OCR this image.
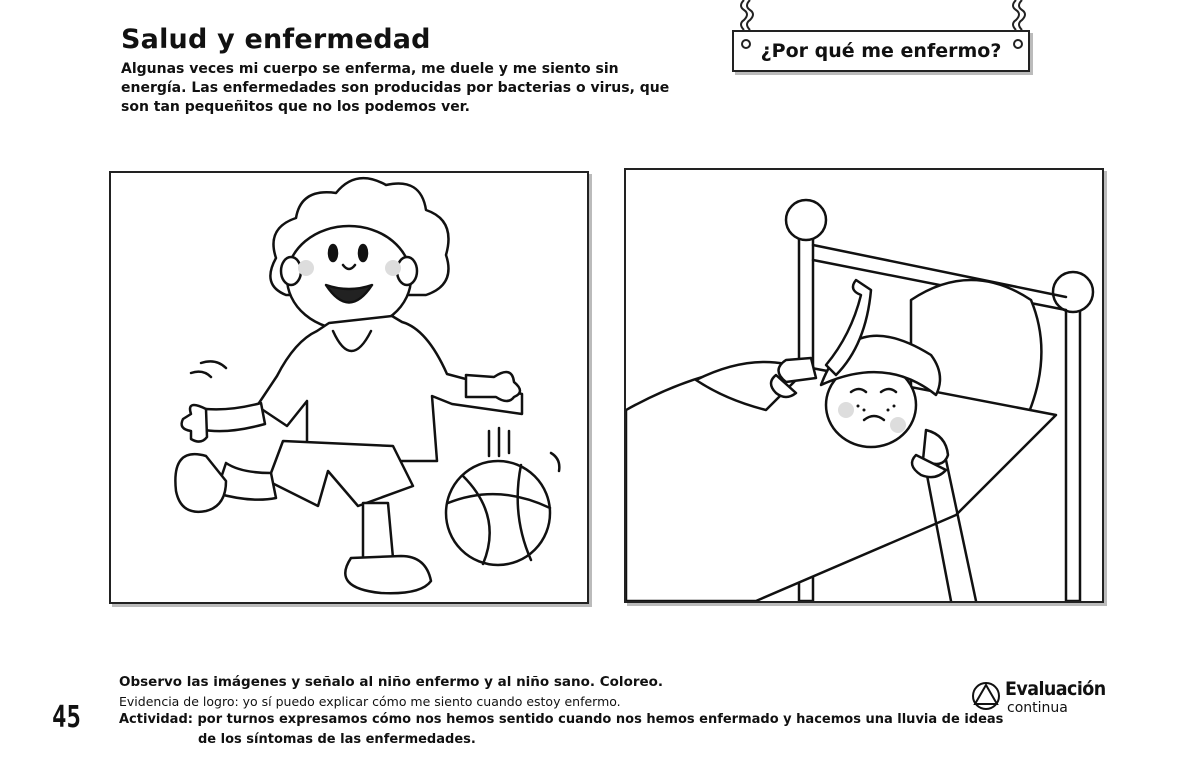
Salud y enfermedad
Algunas veces mi cuerpo se enferma, me duele y me siento sin energía. Las enfermedades son producidas por bacterias o virus, que son tan pequeñitos que no los podemos ver.
¿Por qué me enfermo?
Observo las imágenes y señalo al niño enfermo y al niño sano. Coloreo.
Evidencia de logro: yo sí puedo explicar cómo me siento cuando estoy enfermo.
Actividad: por turnos expresamos cómo nos hemos sentido cuando nos hemos enfermado y hacemos una lluvia de ideas
de los síntomas de las enfermedades.
45
Evaluación
continua
